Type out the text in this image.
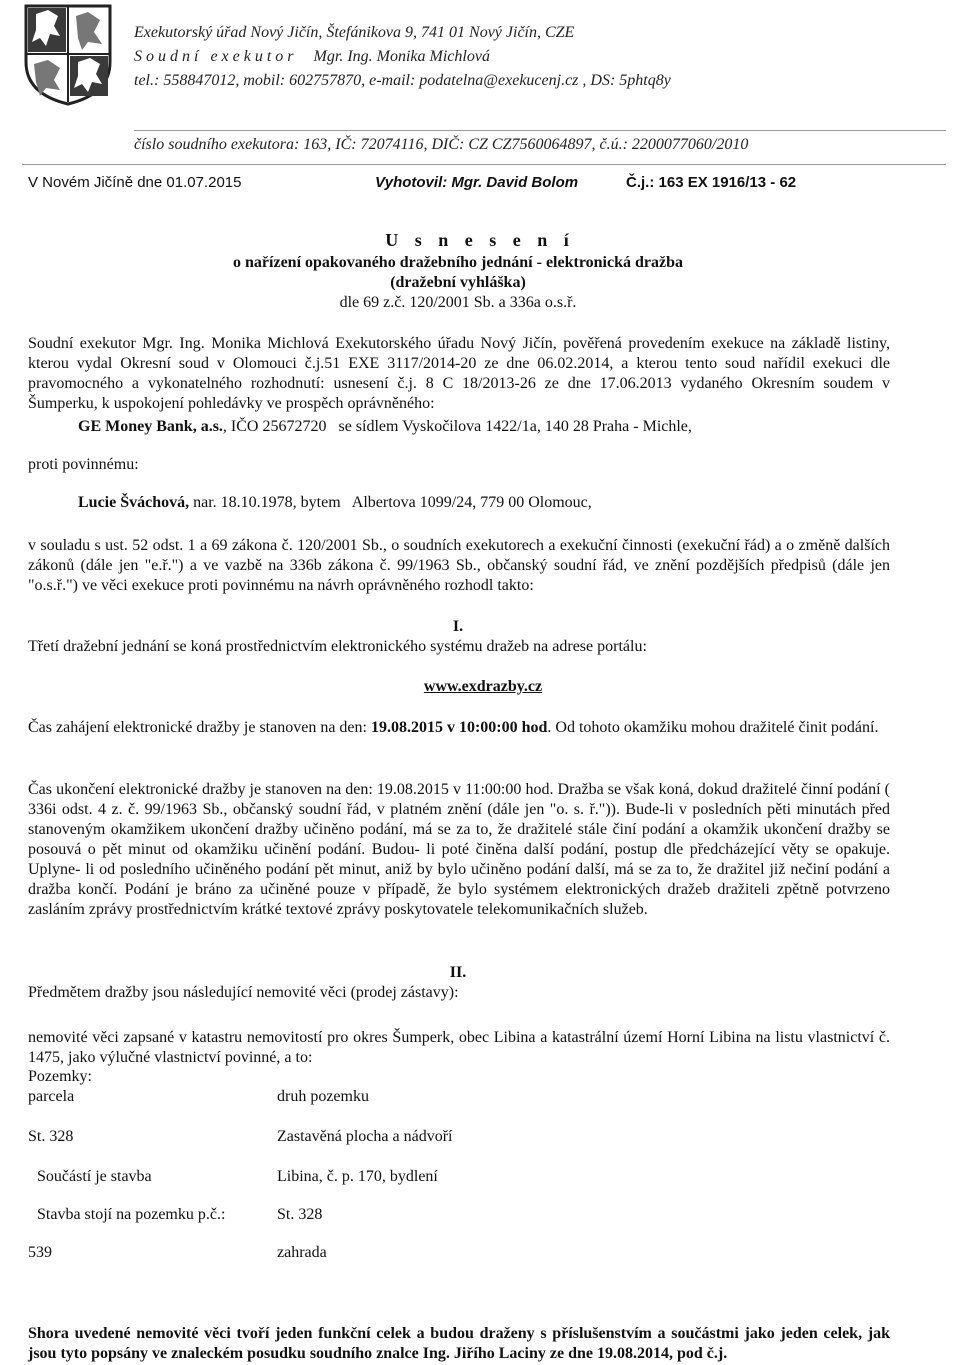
Exekutorský úřad Nový Jičín, Štefánikova 9, 741 01 Nový Jičín, CZE
S o u d n í   e x e k u t o r Mgr. Ing. Monika Michlová
tel.: 558847012, mobil: 602757870, e-mail: podatelna@exekucenj.cz , DS: 5phtq8y
číslo soudního exekutora: 163, IČ: 72074116, DIČ: CZ CZ7560064897, č.ú.: 2200077060/2010
V Novém Jičíně dne 01.07.2015	Vyhotovil: Mgr. David Bolom	Č.j.: 163 EX 1916/13 - 62
U s n e s e n í
o nařízení opakovaného dražebního jednání - elektronická dražba
(dražební vyhláška)
dle 69 z.č. 120/2001 Sb. a 336a o.s.ř.
Soudní exekutor Mgr. Ing. Monika Michlová Exekutorského úřadu Nový Jičín, pověřená provedením exekuce na základě listiny, kterou vydal Okresní soud v Olomouci č.j.51 EXE 3117/2014-20 ze dne 06.02.2014, a kterou tento soud nařídil exekuci dle pravomocného a vykonatelného rozhodnutí: usnesení č.j. 8 C 18/2013-26 ze dne 17.06.2013 vydaného Okresním soudem v Šumperku, k uspokojení pohledávky ve prospěch oprávněného:
GE Money Bank, a.s., IČO 25672720   se sídlem Vyskočilova 1422/1a, 140 28 Praha - Michle,
proti povinnému:
Lucie Šváchová, nar. 18.10.1978, bytem   Albertova 1099/24, 779 00 Olomouc,
v souladu s ust. 52 odst. 1 a 69 zákona č. 120/2001 Sb., o soudních exekutorech a exekuční činnosti (exekuční řád) a o změně dalších zákonů (dále jen "e.ř.") a ve vazbě na 336b zákona č. 99/1963 Sb., občanský soudní řád, ve znění pozdějších předpisů (dále jen "o.s.ř.") ve věci exekuce proti povinnému na návrh oprávněného rozhodl takto:
I.
Třetí dražební jednání se koná prostřednictvím elektronického systému dražeb na adrese portálu:
www.exdrazby.cz
Čas zahájení elektronické dražby je stanoven na den: 19.08.2015 v 10:00:00 hod. Od tohoto okamžiku mohou dražitelé činit podání.
Čas ukončení elektronické dražby je stanoven na den: 19.08.2015 v 11:00:00 hod. Dražba se však koná, dokud dražitelé činní podání ( 336i odst. 4 z. č. 99/1963 Sb., občanský soudní řád, v platném znění (dále jen "o. s. ř.")). Bude-li v posledních pěti minutách před stanoveným okamžikem ukončení dražby učiněno podání, má se za to, že dražitelé stále činí podání a okamžik ukončení dražby se posouvá o pět minut od okamžiku učinění podání. Budou- li poté činěna další podání, postup dle předcházející věty se opakuje. Uplyne- li od posledního učiněného podání pět minut, aniž by bylo učiněno podání další, má se za to, že dražitel již nečiní podání a dražba končí. Podání je bráno za učiněné pouze v případě, že bylo systémem elektronických dražeb dražiteli zpětně potvrzeno zasláním zprávy prostřednictvím krátké textové zprávy poskytovatele telekomunikačních služeb.
II.
Předmětem dražby jsou následující nemovité věci (prodej zástavy):
nemovité věci zapsané v katastru nemovitostí pro okres Šumperk, obec Libina a katastrální území Horní Libina na listu vlastnictví č. 1475, jako výlučné vlastnictví povinné, a to:
Pozemky:
parcela	druh pozemku
St. 328	Zastavěná plocha a nádvoří
Součástí je stavba	Libina, č. p. 170, bydlení
Stavba stojí na pozemku p.č.:	St. 328
539	zahrada
Shora uvedené nemovité věci tvoří jeden funkční celek a budou draženy s příslušenstvím a součástmi jako jeden celek, jak jsou tyto popsány ve znaleckém posudku soudního znalce Ing. Jiřího Laciny ze dne 19.08.2014, pod č.j.
